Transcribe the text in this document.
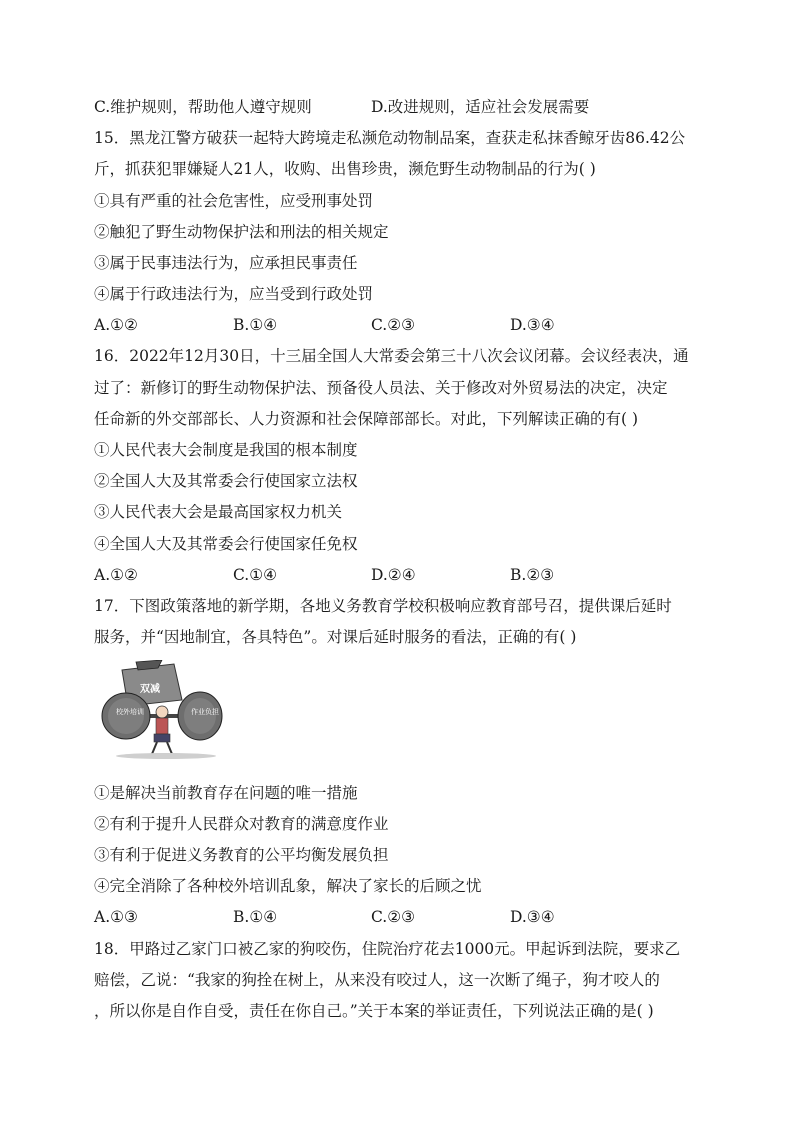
C.维护规则，帮助他人遵守规则	D.改进规则，适应社会发展需要
15．黑龙江警方破获一起特大跨境走私濒危动物制品案，查获走私抹香鲸牙齿86.42公
斤，抓获犯罪嫌疑人21人，收购、出售珍贵，濒危野生动物制品的行为( )
①具有严重的社会危害性，应受刑事处罚
②触犯了野生动物保护法和刑法的相关规定
③属于民事违法行为，应承担民事责任
④属于行政违法行为，应当受到行政处罚
A.①②	B.①④	C.②③	D.③④
16．2022年12月30日，十三届全国人大常委会第三十八次会议闭幕。会议经表决，通
过了：新修订的野生动物保护法、预备役人员法、关于修改对外贸易法的决定，决定
任命新的外交部部长、人力资源和社会保障部部长。对此，下列解读正确的有( )
①人民代表大会制度是我国的根本制度
②全国人大及其常委会行使国家立法权
③人民代表大会是最高国家权力机关
④全国人大及其常委会行使国家任免权
A.①②	C.①④	D.②④	B.②③
17．下图政策落地的新学期，各地义务教育学校积极响应教育部号召，提供课后延时
服务，并“因地制宜，各具特色”。对课后延时服务的看法，正确的有( )
双减
校外培训	作业负担
①是解决当前教育存在问题的唯一措施
②有利于提升人民群众对教育的满意度作业
③有利于促进义务教育的公平均衡发展负担
④完全消除了各种校外培训乱象，解决了家长的后顾之忧
A.①③	B.①④	C.②③	D.③④
18．甲路过乙家门口被乙家的狗咬伤，住院治疗花去1000元。甲起诉到法院，要求乙
赔偿，乙说：“我家的狗拴在树上，从来没有咬过人，这一次断了绳子，狗才咬人的
，所以你是自作自受，责任在你自己。”关于本案的举证责任，下列说法正确的是( )
